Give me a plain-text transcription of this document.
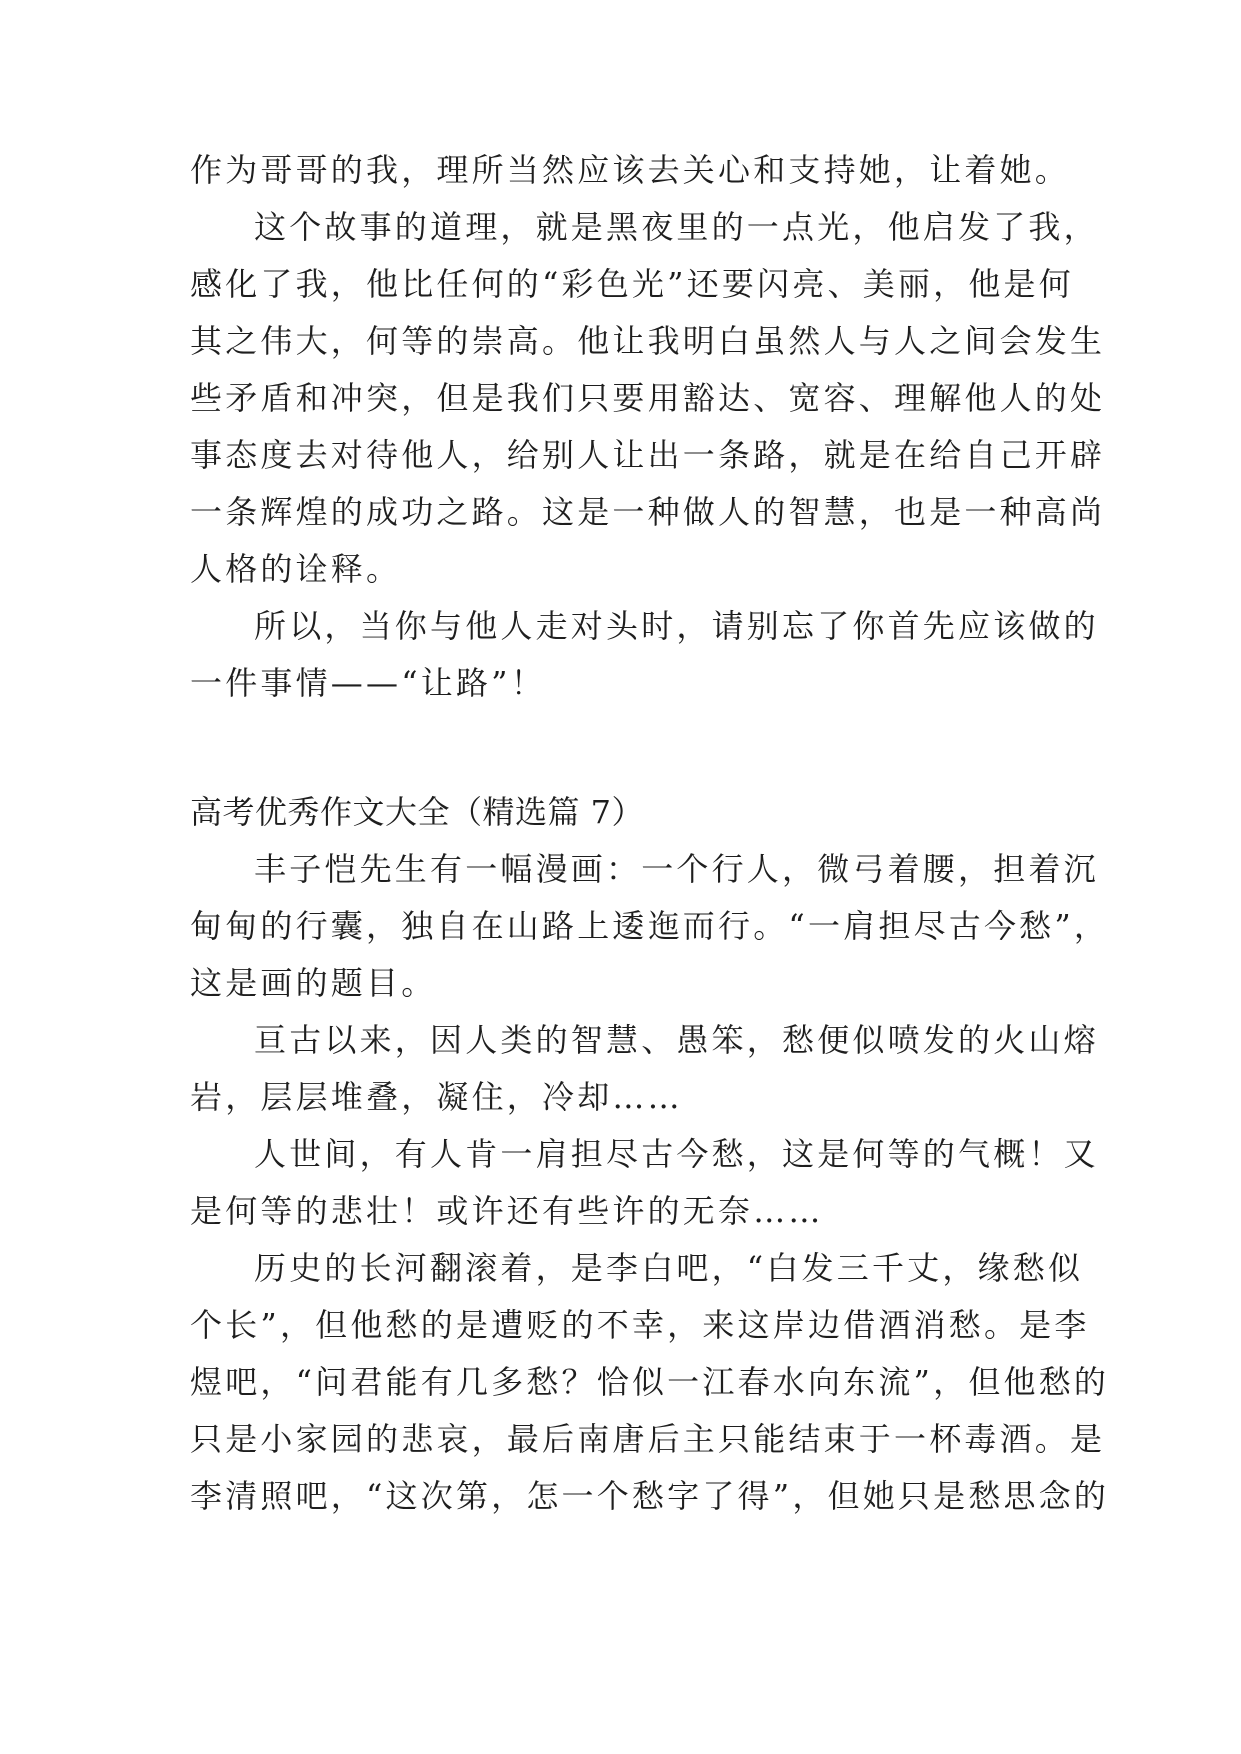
作为哥哥的我，理所当然应该去关心和支持她，让着她。
这个故事的道理，就是黑夜里的一点光，他启发了我，
感化了我，他比任何的“彩色光”还要闪亮、美丽，他是何
其之伟大，何等的崇高。他让我明白虽然人与人之间会发生
些矛盾和冲突，但是我们只要用豁达、宽容、理解他人的处
事态度去对待他人，给别人让出一条路，就是在给自己开辟
一条辉煌的成功之路。这是一种做人的智慧，也是一种高尚
人格的诠释。
所以，当你与他人走对头时，请别忘了你首先应该做的
一件事情——“让路”！
高考优秀作文大全（精选篇 7）
丰子恺先生有一幅漫画：一个行人，微弓着腰，担着沉
甸甸的行囊，独自在山路上逶迤而行。“一肩担尽古今愁”，
这是画的题目。
亘古以来，因人类的智慧、愚笨，愁便似喷发的火山熔
岩，层层堆叠，凝住，冷却……
人世间，有人肯一肩担尽古今愁，这是何等的气概！又
是何等的悲壮！或许还有些许的无奈……
历史的长河翻滚着，是李白吧，“白发三千丈，缘愁似
个长”，但他愁的是遭贬的不幸，来这岸边借酒消愁。是李
煜吧，“问君能有几多愁？恰似一江春水向东流”，但他愁的
只是小家园的悲哀，最后南唐后主只能结束于一杯毒酒。是
李清照吧，“这次第，怎一个愁字了得”，但她只是愁思念的
